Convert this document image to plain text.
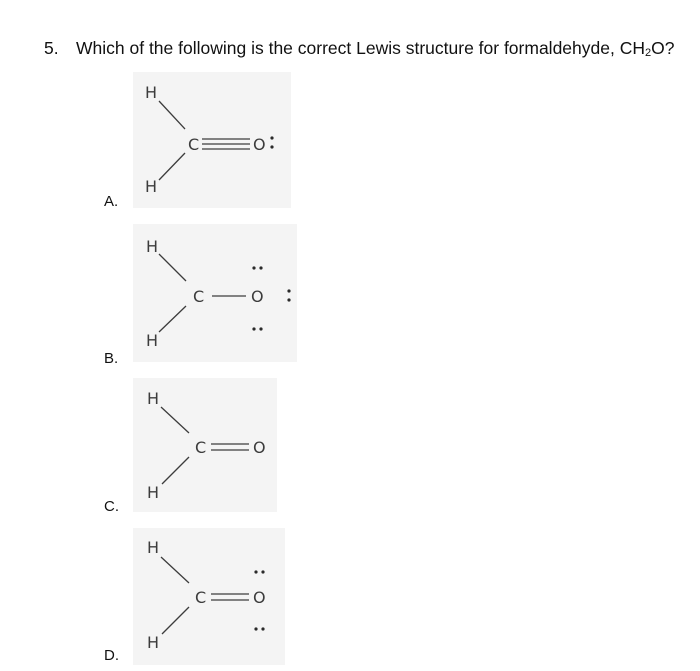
5. Which of the following is the correct Lewis structure for formaldehyde, $CH_2O$?
A.
H
H
C	O
B.
H
H
C	O
C.
H
H
C	O
D.
H
H
C	O
